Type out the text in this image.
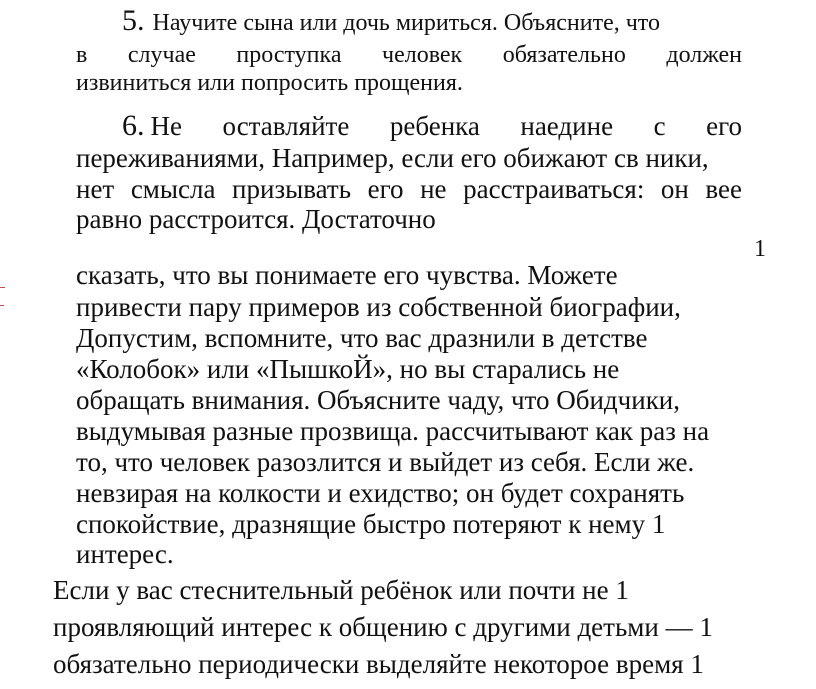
5. Научите сына или дочь мириться. Объясните, что
в случае проступка человек обязательно должен
извиниться или попросить прощения.
6. Не оставляйте ребенка наедине с его
переживаниями, Например, если его обижают св ники,
нет смысла призывать его не расстраиваться: он вее
равно расстроится. Достаточно
1
сказать, что вы понимаете его чувства. Можете
привести пару примеров из собственной биографии,
Допустим, вспомните, что вас дразнили в детстве
«Колобок» или «ПышкоЙ», но вы старались не
обращать внимания. Объясните чаду, что Обидчики,
выдумывая разные прозвища. рассчитывают как раз на
то, что человек разозлится и выйдет из себя. Если же.
невзирая на колкости и ехидство; он будет сохранять
спокойствие, дразнящие быстро потеряют к нему 1
интерес.
Если у вас стеснительный ребёнок или почти не 1
проявляющий интерес к общению с другими детьми — 1
обязательно периодически выделяйте некоторое время 1
